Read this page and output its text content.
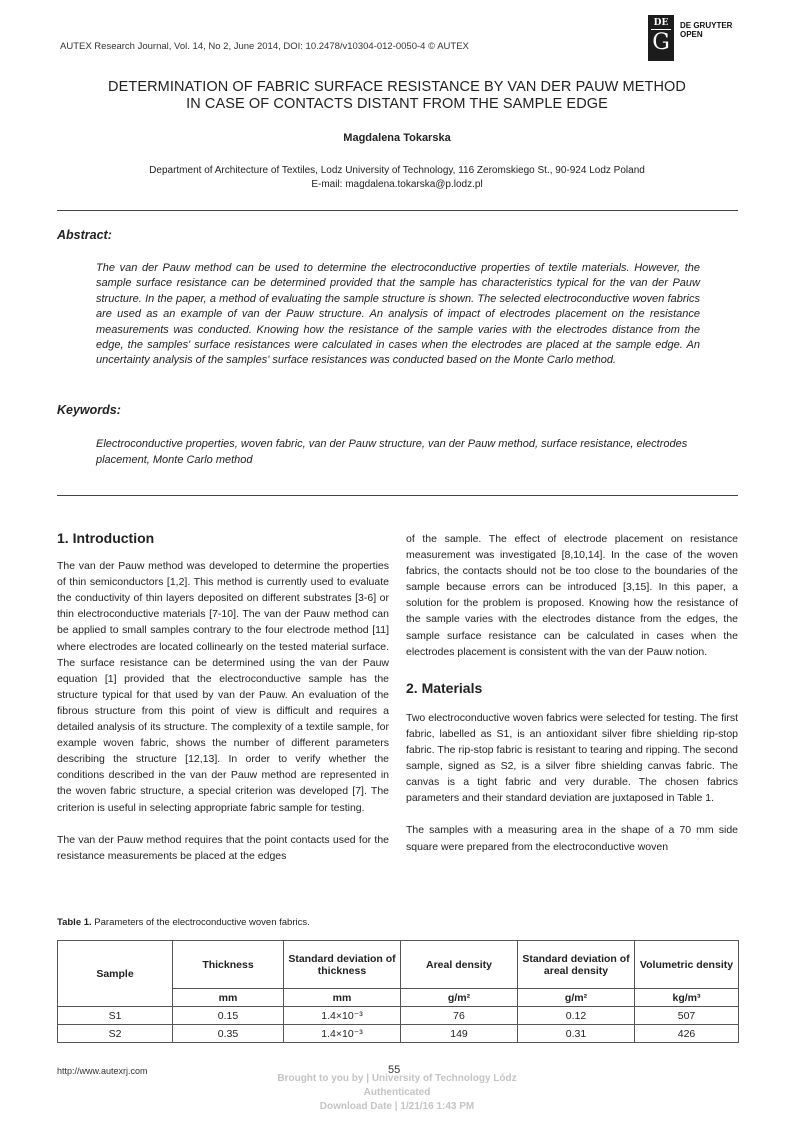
AUTEX Research Journal, Vol. 14, No 2, June 2014, DOI: 10.2478/v10304-012-0050-4 © AUTEX
DE
G
DE GRUYTER
OPEN
DETERMINATION OF FABRIC SURFACE RESISTANCE BY VAN DER PAUW METHOD
IN CASE OF CONTACTS DISTANT FROM THE SAMPLE EDGE
Magdalena Tokarska
Department of Architecture of Textiles, Lodz University of Technology, 116 Zeromskiego St., 90-924 Lodz Poland
E-mail: magdalena.tokarska@p.lodz.pl
Abstract:
The van der Pauw method can be used to determine the electroconductive properties of textile materials. However, the sample surface resistance can be determined provided that the sample has characteristics typical for the van der Pauw structure. In the paper, a method of evaluating the sample structure is shown. The selected electroconductive woven fabrics are used as an example of van der Pauw structure. An analysis of impact of electrodes placement on the resistance measurements was conducted. Knowing how the resistance of the sample varies with the electrodes distance from the edge, the samples' surface resistances were calculated in cases when the electrodes are placed at the sample edge. An uncertainty analysis of the samples' surface resistances was conducted based on the Monte Carlo method.
Keywords:
Electroconductive properties, woven fabric, van der Pauw structure, van der Pauw method, surface resistance, electrodes placement, Monte Carlo method
1. Introduction

The van der Pauw method was developed to determine the properties of thin semiconductors [1,2]. This method is currently used to evaluate the conductivity of thin layers deposited on different substrates [3-6] or thin electroconductive materials [7-10]. The van der Pauw method can be applied to small samples contrary to the four electrode method [11] where electrodes are located collinearly on the tested material surface. The surface resistance can be determined using the van der Pauw equation [1] provided that the electroconductive sample has the structure typical for that used by van der Pauw. An evaluation of the fibrous structure from this point of view is difficult and requires a detailed analysis of its structure. The complexity of a textile sample, for example woven fabric, shows the number of different parameters describing the structure [12,13]. In order to verify whether the conditions described in the van der Pauw method are represented in the woven fabric structure, a special criterion was developed [7]. The criterion is useful in selecting appropriate fabric sample for testing.

The van der Pauw method requires that the point contacts used for the resistance measurements be placed at the edges

of the sample. The effect of electrode placement on resistance measurement was investigated [8,10,14]. In the case of the woven fabrics, the contacts should not be too close to the boundaries of the sample because errors can be introduced [3,15]. In this paper, a solution for the problem is proposed. Knowing how the resistance of the sample varies with the electrodes distance from the edges, the sample surface resistance can be calculated in cases when the electrodes placement is consistent with the van der Pauw notion.

2. Materials

Two electroconductive woven fabrics were selected for testing. The first fabric, labelled as S1, is an antioxidant silver fibre shielding rip-stop fabric. The rip-stop fabric is resistant to tearing and ripping. The second sample, signed as S2, is a silver fibre shielding canvas fabric. The canvas is a tight fabric and very durable. The chosen fabrics parameters and their standard deviation are juxtaposed in Table 1.

The samples with a measuring area in the shape of a 70 mm side square were prepared from the electroconductive woven

Table 1. Parameters of the electroconductive woven fabrics.
Sample	Thickness	Standard deviation of thickness	Areal density	Standard deviation of areal density	Volumetric density
	mm	mm	g/m²	g/m²	kg/m³
S1	0.15	1.4×10⁻³	76	0.12	507
S2	0.35	1.4×10⁻³	149	0.31	426
http://www.autexrj.com	55
Brought to you by | University of Technology Lódz
Authenticated
Download Date | 1/21/16 1:43 PM
